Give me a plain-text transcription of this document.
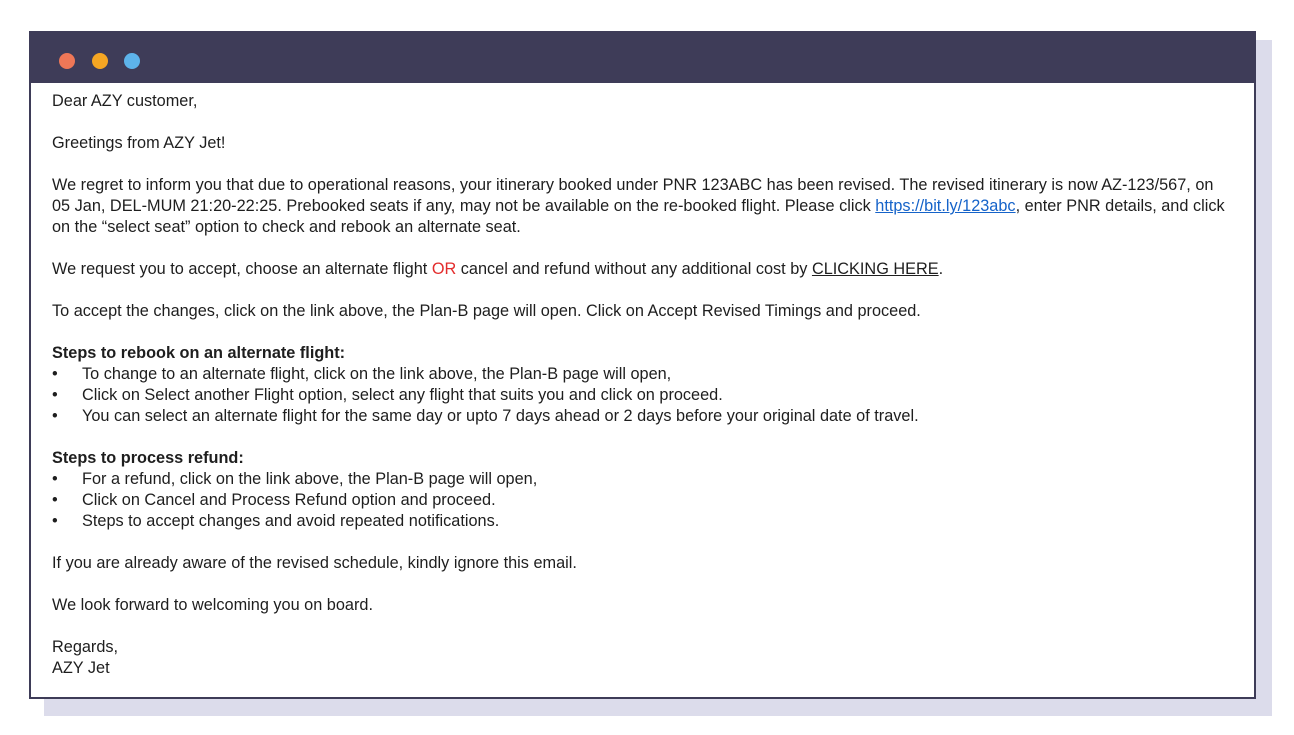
Dear AZY customer,

Greetings from AZY Jet!

We regret to inform you that due to operational reasons, your itinerary booked under PNR 123ABC has been revised. The revised itinerary is now AZ-123/567, on 05 Jan, DEL-MUM 21:20-22:25. Prebooked seats if any, may not be available on the re-booked flight. Please click https://bit.ly/123abc, enter PNR details, and click on the “select seat” option to check and rebook an alternate seat.

We request you to accept, choose an alternate flight OR cancel and refund without any additional cost by CLICKING HERE.

To accept the changes, click on the link above, the Plan-B page will open. Click on Accept Revised Timings and proceed.

Steps to rebook on an alternate flight:

• To change to an alternate flight, click on the link above, the Plan-B page will open,
• Click on Select another Flight option, select any flight that suits you and click on proceed.
• You can select an alternate flight for the same day or upto 7 days ahead or 2 days before your original date of travel.

Steps to process refund:

• For a refund, click on the link above, the Plan-B page will open,
• Click on Cancel and Process Refund option and proceed.
• Steps to accept changes and avoid repeated notifications.

If you are already aware of the revised schedule, kindly ignore this email.

We look forward to welcoming you on board.

Regards,

AZY Jet
